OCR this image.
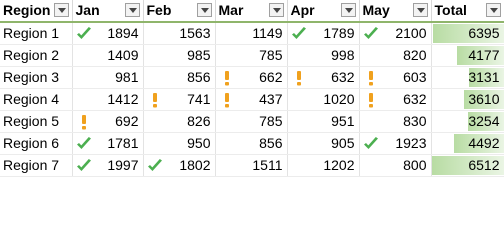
Region	Jan	Feb	Mar	Apr	May	Total

Region 1	1894	1563	1149	1789	2100	6395
Region 2	1409	985	785	998	820	4177
Region 3	981	856	662	632	603	3131
Region 4	1412	741	437	1020	632	3610
Region 5	692	826	785	951	830	3254
Region 6	1781	950	856	905	1923	4492
Region 7	1997	1802	1511	1202	800	6512
